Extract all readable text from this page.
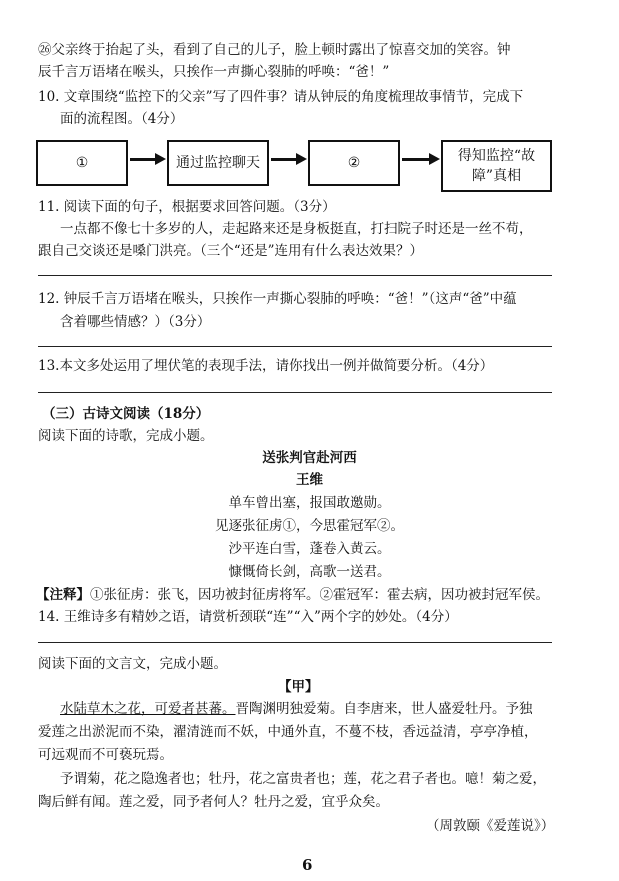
㉖父亲终于抬起了头，看到了自己的儿子，脸上顿时露出了惊喜交加的笑容。钟
辰千言万语堵在喉头，只挨作一声撕心裂肺的呼唤：“爸！”
10. 文章围绕“监控下的父亲”写了四件事？请从钟辰的角度梳理故事情节，完成下
面的流程图。（4分）
①	通过监控聊天	②	得知监控“故
障”真相
11. 阅读下面的句子，根据要求回答问题。（3分）
一点都不像七十多岁的人，走起路来还是身板挺直，打扫院子时还是一丝不苟，
跟自己交谈还是嗓门洪亮。（三个“还是”连用有什么表达效果？）
12. 钟辰千言万语堵在喉头，只挨作一声撕心裂肺的呼唤：“爸！”（这声“爸”中蕴
含着哪些情感？）（3分）
13.本文多处运用了埋伏笔的表现手法，请你找出一例并做简要分析。（4分）
（三）古诗文阅读（18分）
阅读下面的诗歌，完成小题。
送张判官赴河西
王维
单车曾出塞，报国敢邀勋。
见逐张征虏①，今思霍冠军②。
沙平连白雪，蓬卷入黄云。
慷慨倚长剑，高歌一送君。
【注释】①张征虏：张飞，因功被封征虏将军。②霍冠军：霍去病，因功被封冠军侯。
14. 王维诗多有精妙之语，请赏析颈联“连”“入”两个字的妙处。（4分）
阅读下面的文言文，完成小题。
【甲】
水陆草木之花，可爱者甚蕃。晋陶渊明独爱菊。自李唐来，世人盛爱牡丹。予独
爱莲之出淤泥而不染，濯清涟而不妖，中通外直，不蔓不枝，香远益清，亭亭净植，
可远观而不可亵玩焉。
予谓菊，花之隐逸者也；牡丹，花之富贵者也；莲，花之君子者也。噫！菊之爱，
陶后鲜有闻。莲之爱，同予者何人？牡丹之爱，宜乎众矣。
（周敦颐《爱莲说》）
6
